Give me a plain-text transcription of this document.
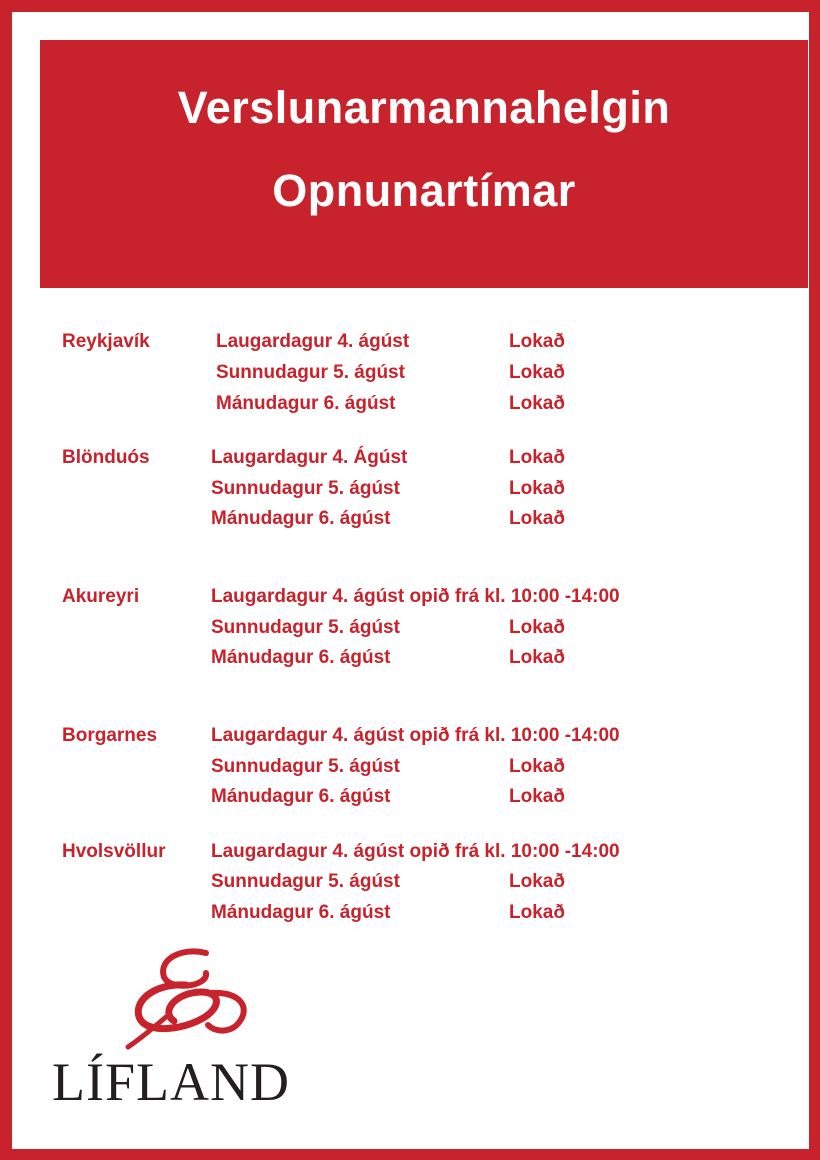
Verslunarmannahelgin
Opnunartímar
Reykjavík	Laugardagur 4. ágúst	Lokað
Sunnudagur 5. ágúst	Lokað
Mánudagur 6. ágúst	Lokað
Blönduós	Laugardagur 4. Ágúst	Lokað
Sunnudagur 5. ágúst	Lokað
Mánudagur 6. ágúst	Lokað
Akureyri	Laugardagur 4. ágúst opið frá kl. 10:00 -14:00
Sunnudagur 5. ágúst	Lokað
Mánudagur 6. ágúst	Lokað
Borgarnes	Laugardagur 4. ágúst opið frá kl. 10:00 -14:00
Sunnudagur 5. ágúst	Lokað
Mánudagur 6. ágúst	Lokað
Hvolsvöllur Laugardagur 4. ágúst opið frá kl. 10:00 -14:00
Sunnudagur 5. ágúst	Lokað
Mánudagur 6. ágúst	Lokað
LÍFLAND
